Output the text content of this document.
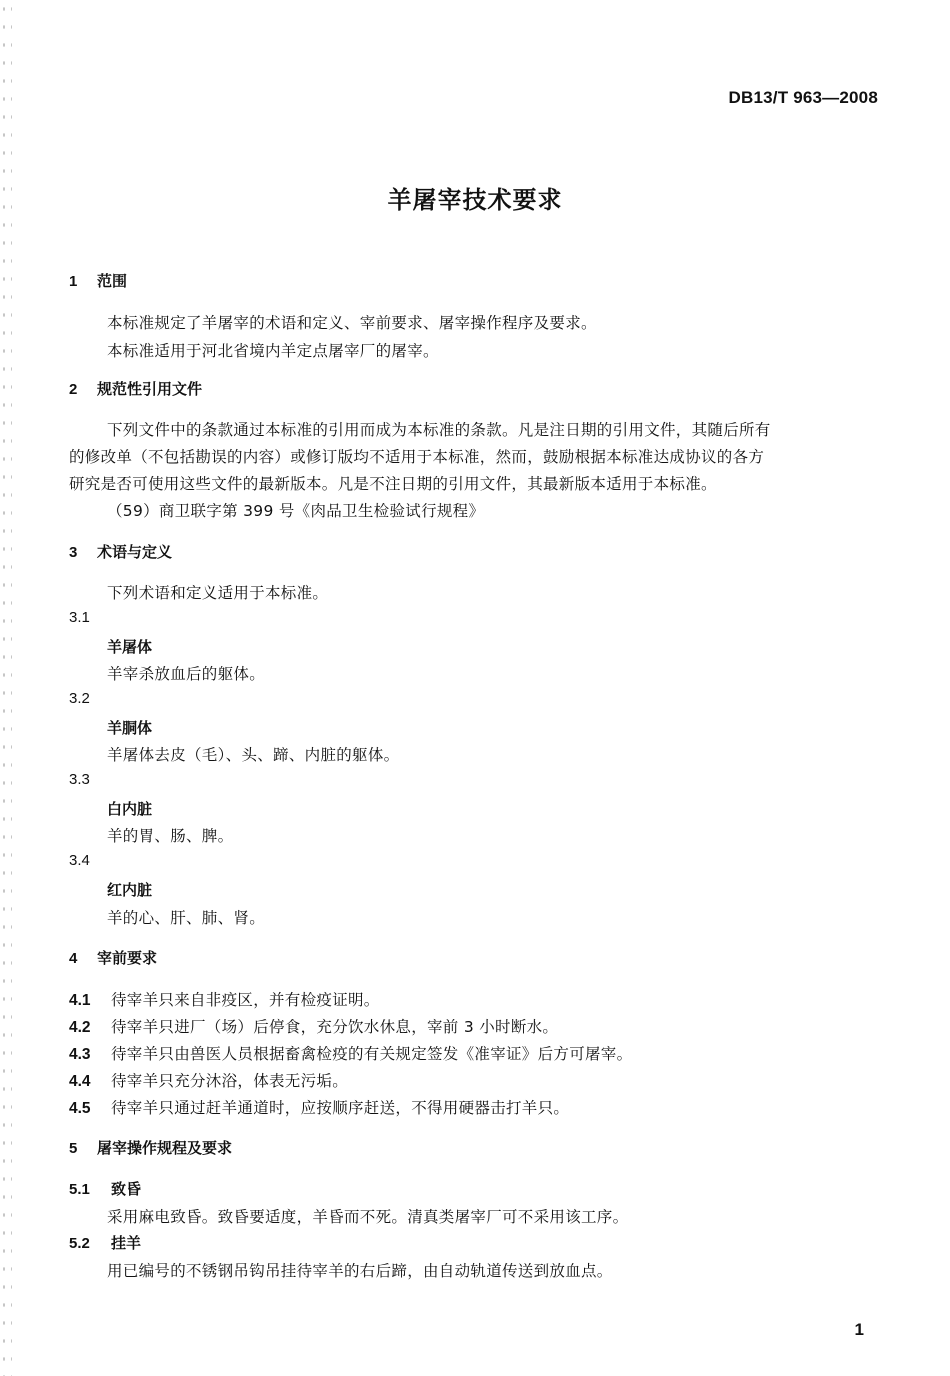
DB13/T 963—2008
羊屠宰技术要求
1 范围
本标准规定了羊屠宰的术语和定义、宰前要求、屠宰操作程序及要求。
本标准适用于河北省境内羊定点屠宰厂的屠宰。
2 规范性引用文件
下列文件中的条款通过本标准的引用而成为本标准的条款。凡是注日期的引用文件，其随后所有
的修改单（不包括勘误的内容）或修订版均不适用于本标准，然而，鼓励根据本标准达成协议的各方
研究是否可使用这些文件的最新版本。凡是不注日期的引用文件，其最新版本适用于本标准。
（59）商卫联字第 399 号《肉品卫生检验试行规程》
3 术语与定义
下列术语和定义适用于本标准。
3.1
羊屠体
羊宰杀放血后的躯体。
3.2
羊胴体
羊屠体去皮（毛）、头、蹄、内脏的躯体。
3.3
白内脏
羊的胃、肠、脾。
3.4
红内脏
羊的心、肝、肺、肾。
4 宰前要求
4.1 待宰羊只来自非疫区，并有检疫证明。
4.2 待宰羊只进厂（场）后停食，充分饮水休息，宰前 3 小时断水。
4.3 待宰羊只由兽医人员根据畜禽检疫的有关规定签发《准宰证》后方可屠宰。
4.4 待宰羊只充分沐浴，体表无污垢。
4.5 待宰羊只通过赶羊通道时，应按顺序赶送，不得用硬器击打羊只。
5 屠宰操作规程及要求
5.1 致昏
采用麻电致昏。致昏要适度，羊昏而不死。清真类屠宰厂可不采用该工序。
5.2 挂羊
用已编号的不锈钢吊钩吊挂待宰羊的右后蹄，由自动轨道传送到放血点。
1
